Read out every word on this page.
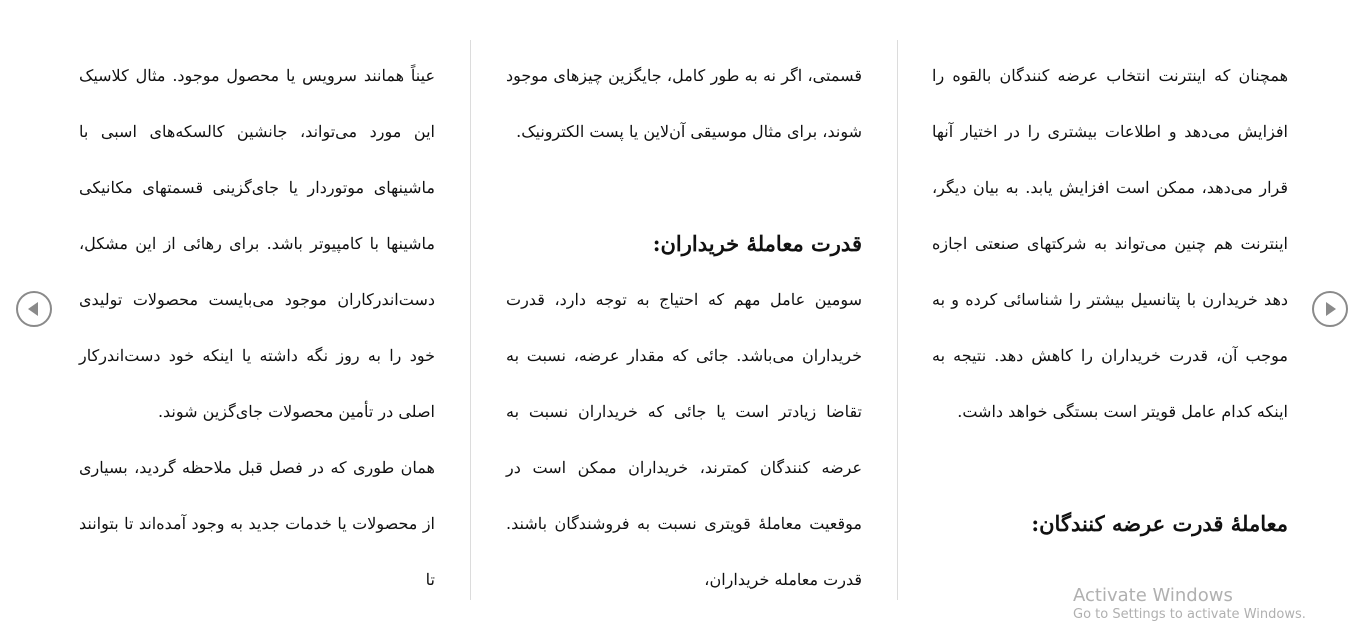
همچنان که اینترنت انتخاب عرضه کنندگان بالقوه را افزایش می‌دهد و اطلاعات بیشتری را در اختیار آنها قرار می‌دهد، ممکن است افزایش یابد. به بیان دیگر، اینترنت هم چنین می‌تواند به شرکتهای صنعتی اجازه دهد خریدارن با پتانسیل بیشتر را شناسائی کرده و به موجب آن، قدرت خریداران را کاهش دهد. نتیجه به اینکه کدام عامل قویتر است بستگی خواهد داشت.

معاملۀ قدرت عرضه کنندگان:

قسمتی، اگر نه به طور کامل، جایگزین چیزهای موجود شوند، برای مثال موسیقی آن‌لاین یا پست الکترونیک.

قدرت معاملۀ خریداران:

سومین عامل مهم که احتیاج به توجه دارد، قدرت خریداران می‌باشد. جائی که مقدار عرضه، نسبت به تقاضا زیادتر است یا جائی که خریداران نسبت به عرضه کنندگان کمترند، خریداران ممکن است در موقعیت معاملۀ قویتری نسبت به فروشندگان باشند. قدرت معامله خریداران،

عیناً همانند سرویس یا محصول موجود. مثال کلاسیک این مورد می‌تواند، جانشین کالسکه‌های اسبی با ماشینهای موتوردار یا جای‌گزینی قسمتهای مکانیکی ماشینها با کامپیوتر باشد. برای رهائی از این مشکل، دست‌اندرکاران موجود می‌بایست محصولات تولیدی خود را به روز نگه داشته یا اینکه خود دست‌اندرکار اصلی در تأمین محصولات جای‌گزین شوند.

همان طوری که در فصل قبل ملاحظه گردید، بسیاری از محصولات یا خدمات جدید به وجود آمده‌اند تا بتوانند تا

Activate Windows
Go to Settings to activate Windows.
